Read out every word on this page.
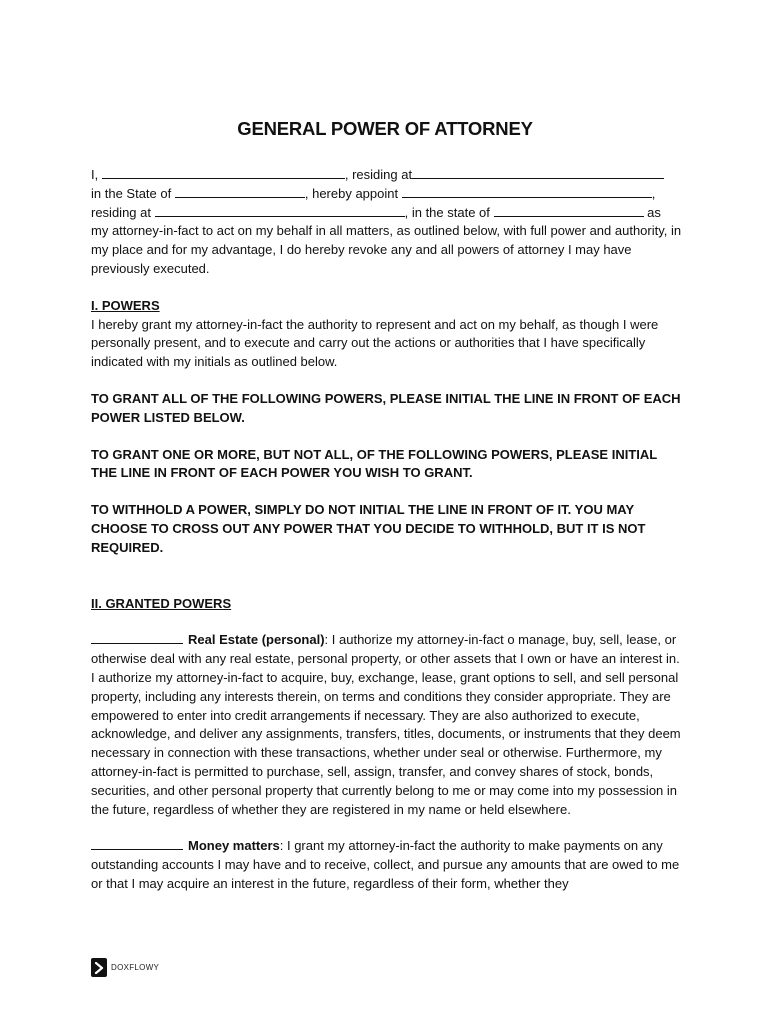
GENERAL POWER OF ATTORNEY
I,	, residing at
in the State of	, hereby appoint	,
residing at	, in the state of	as

my attorney-in-fact to act on my behalf in all matters, as outlined below, with full power and authority, in my place and for my advantage, I do hereby revoke any and all powers of attorney I may have previously executed.

I. POWERS

I hereby grant my attorney-in-fact the authority to represent and act on my behalf, as though I were personally present, and to execute and carry out the actions or authorities that I have specifically indicated with my initials as outlined below.

TO GRANT ALL OF THE FOLLOWING POWERS, PLEASE INITIAL THE LINE IN FRONT OF EACH POWER LISTED BELOW.

TO GRANT ONE OR MORE, BUT NOT ALL, OF THE FOLLOWING POWERS, PLEASE INITIAL THE LINE IN FRONT OF EACH POWER YOU WISH TO GRANT.

TO WITHHOLD A POWER, SIMPLY DO NOT INITIAL THE LINE IN FRONT OF IT. YOU MAY CHOOSE TO CROSS OUT ANY POWER THAT YOU DECIDE TO WITHHOLD, BUT IT IS NOT REQUIRED.

II. GRANTED POWERS

Real Estate (personal): I authorize my attorney-in-fact o manage, buy, sell, lease, or otherwise deal with any real estate, personal property, or other assets that I own or have an interest in. I authorize my attorney-in-fact to acquire, buy, exchange, lease, grant options to sell, and sell personal property, including any interests therein, on terms and conditions they consider appropriate. They are empowered to enter into credit arrangements if necessary. They are also authorized to execute, acknowledge, and deliver any assignments, transfers, titles, documents, or instruments that they deem necessary in connection with these transactions, whether under seal or otherwise. Furthermore, my attorney-in-fact is permitted to purchase, sell, assign, transfer, and convey shares of stock, bonds, securities, and other personal property that currently belong to me or may come into my possession in the future, regardless of whether they are registered in my name or held elsewhere.

Money matters: I grant my attorney-in-fact the authority to make payments on any outstanding accounts I may have and to receive, collect, and pursue any amounts that are owed to me or that I may acquire an interest in the future, regardless of their form, whether they

DOXFLOWY
